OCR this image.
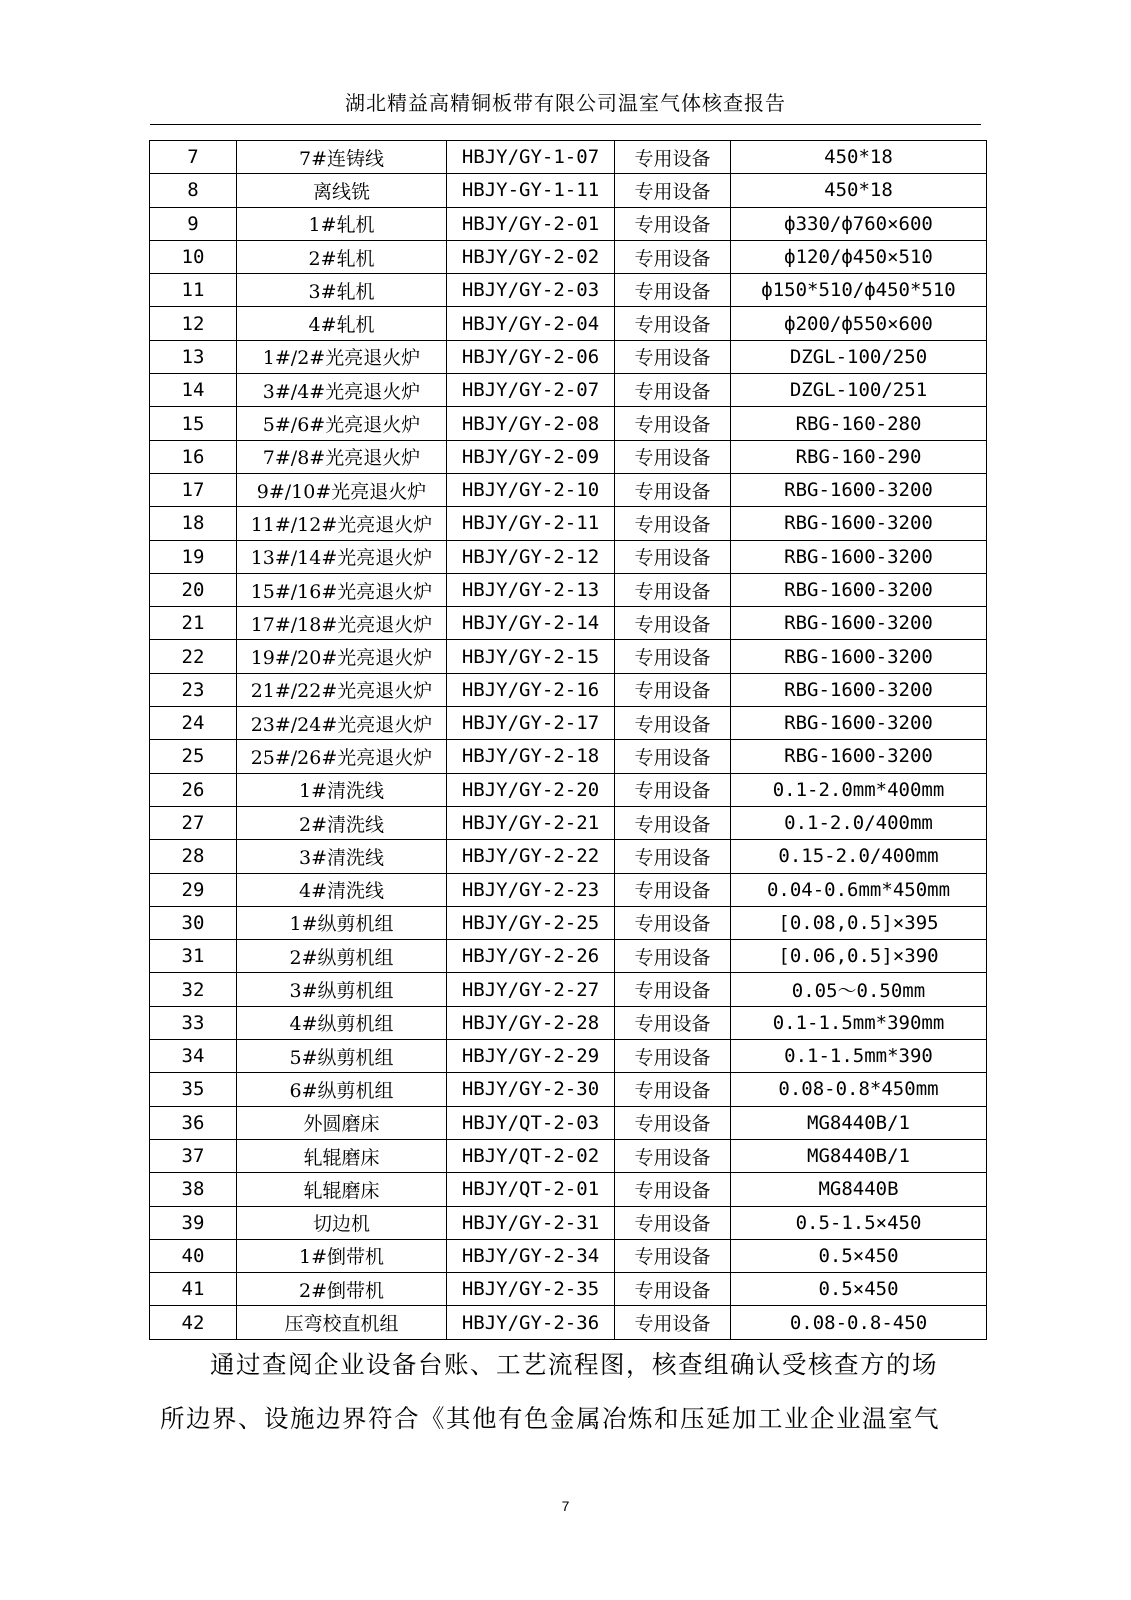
湖北精益高精铜板带有限公司温室气体核查报告
7	7#连铸线	HBJY/GY-1-07	专用设备	450*18
8	离线铣	HBJY-GY-1-11	专用设备	450*18
9	1#轧机	HBJY/GY-2-01	专用设备	ф330/ф760×600
10	2#轧机	HBJY/GY-2-02	专用设备	ф120/ф450×510
11	3#轧机	HBJY/GY-2-03	专用设备	ф150*510/ф450*510
12	4#轧机	HBJY/GY-2-04	专用设备	ф200/ф550×600
13	1#/2#光亮退火炉	HBJY/GY-2-06	专用设备	DZGL-100/250
14	3#/4#光亮退火炉	HBJY/GY-2-07	专用设备	DZGL-100/251
15	5#/6#光亮退火炉	HBJY/GY-2-08	专用设备	RBG-160-280
16	7#/8#光亮退火炉	HBJY/GY-2-09	专用设备	RBG-160-290
17	9#/10#光亮退火炉	HBJY/GY-2-10	专用设备	RBG-1600-3200
18	11#/12#光亮退火炉	HBJY/GY-2-11	专用设备	RBG-1600-3200
19	13#/14#光亮退火炉	HBJY/GY-2-12	专用设备	RBG-1600-3200
20	15#/16#光亮退火炉	HBJY/GY-2-13	专用设备	RBG-1600-3200
21	17#/18#光亮退火炉	HBJY/GY-2-14	专用设备	RBG-1600-3200
22	19#/20#光亮退火炉	HBJY/GY-2-15	专用设备	RBG-1600-3200
23	21#/22#光亮退火炉	HBJY/GY-2-16	专用设备	RBG-1600-3200
24	23#/24#光亮退火炉	HBJY/GY-2-17	专用设备	RBG-1600-3200
25	25#/26#光亮退火炉	HBJY/GY-2-18	专用设备	RBG-1600-3200
26	1#清洗线	HBJY/GY-2-20	专用设备	0.1-2.0mm*400mm
27	2#清洗线	HBJY/GY-2-21	专用设备	0.1-2.0/400mm
28	3#清洗线	HBJY/GY-2-22	专用设备	0.15-2.0/400mm
29	4#清洗线	HBJY/GY-2-23	专用设备	0.04-0.6mm*450mm
30	1#纵剪机组	HBJY/GY-2-25	专用设备	[0.08,0.5]×395
31	2#纵剪机组	HBJY/GY-2-26	专用设备	[0.06,0.5]×390
32	3#纵剪机组	HBJY/GY-2-27	专用设备	0.05～0.50mm
33	4#纵剪机组	HBJY/GY-2-28	专用设备	0.1-1.5mm*390mm
34	5#纵剪机组	HBJY/GY-2-29	专用设备	0.1-1.5mm*390
35	6#纵剪机组	HBJY/GY-2-30	专用设备	0.08-0.8*450mm
36	外圆磨床	HBJY/QT-2-03	专用设备	MG8440B/1
37	轧辊磨床	HBJY/QT-2-02	专用设备	MG8440B/1
38	轧辊磨床	HBJY/QT-2-01	专用设备	MG8440B
39	切边机	HBJY/GY-2-31	专用设备	0.5-1.5×450
40	1#倒带机	HBJY/GY-2-34	专用设备	0.5×450
41	2#倒带机	HBJY/GY-2-35	专用设备	0.5×450
42	压弯校直机组	HBJY/GY-2-36	专用设备	0.08-0.8-450
通过查阅企业设备台账、工艺流程图，核查组确认受核查方的场
所边界、设施边界符合《其他有色金属冶炼和压延加工业企业温室气
7
